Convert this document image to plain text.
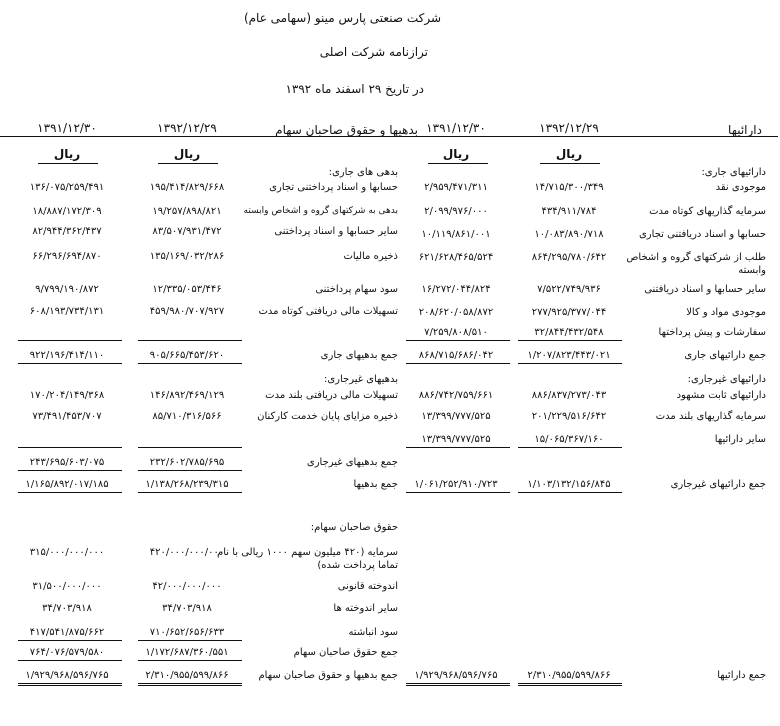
شرکت صنعتی پارس مینو (سهامی عام)
ترازنامه شرکت اصلی
در تاریخ ۲۹ اسفند ماه ۱۳۹۲
دارائیها
۱۳۹۲/۱۲/۲۹
۱۳۹۱/۱۲/۳۰
بدهیها و حقوق صاحبان سهام
۱۳۹۲/۱۲/۲۹
۱۳۹۱/۱۲/۳۰
ریال
ریال
ریال
ریال
دارائیهای جاری:
موجودی نقد
۱۴/۷۱۵/۳۰۰/۳۴۹
۲/۹۵۹/۴۷۱/۳۱۱
سرمایه گذاریهای کوتاه مدت
۴۳۴/۹۱۱/۷۸۴
۲/۰۹۹/۹۷۶/۰۰۰
حسابها و اسناد دریافتنی تجاری
۱۰/۰۸۳/۸۹۰/۷۱۸
۱۰/۱۱۹/۸۶۱/۰۰۱
طلب از شرکتهای گروه و اشخاص
وابسته
۸۶۴/۲۹۵/۷۸۰/۶۴۲
۶۲۱/۶۲۸/۴۶۵/۵۲۴
سایر حسابها و اسناد دریافتنی
۷/۵۲۲/۷۴۹/۹۳۶
۱۶/۲۷۲/۰۴۴/۸۲۴
موجودی مواد و کالا
۲۷۷/۹۲۵/۳۷۷/۰۴۴
۲۰۸/۶۲۰/۰۵۸/۸۷۲
سفارشات و پیش پرداختها
۳۲/۸۴۴/۴۳۲/۵۴۸
۷/۲۵۹/۸۰۸/۵۱۰
جمع دارائیهای جاری
۱/۲۰۷/۸۲۳/۴۴۳/۰۲۱
۸۶۸/۷۱۵/۶۸۶/۰۴۲
دارائیهای غیرجاری:
دارائیهای ثابت مشهود
۸۸۶/۸۳۷/۲۷۳/۰۴۳
۸۸۶/۷۴۲/۷۵۹/۶۶۱
سرمایه گذاریهای بلند مدت
۲۰۱/۲۲۹/۵۱۶/۶۴۲
۱۳/۳۹۹/۷۷۷/۵۲۵
سایر دارائیها
۱۵/۰۶۵/۳۶۷/۱۶۰
۱۳/۳۹۹/۷۷۷/۵۲۵
جمع دارائیهای غیرجاری
۱/۱۰۳/۱۳۲/۱۵۶/۸۴۵
۱/۰۶۱/۲۵۲/۹۱۰/۷۲۳
جمع دارائیها
۲/۳۱۰/۹۵۵/۵۹۹/۸۶۶
۱/۹۲۹/۹۶۸/۵۹۶/۷۶۵
بدهی های جاری:
حسابها و اسناد پرداختنی تجاری
۱۹۵/۴۱۴/۸۲۹/۶۶۸
۱۳۶/۰۷۵/۲۵۹/۴۹۱
بدهی به شرکتهای گروه و اشخاص وابسته
۱۹/۲۵۷/۸۹۸/۸۲۱
۱۸/۸۸۷/۱۷۲/۳۰۹
سایر حسابها و اسناد پرداختنی
۸۳/۵۰۷/۹۳۱/۴۷۲
۸۲/۹۴۴/۳۶۲/۴۳۷
ذخیره مالیات
۱۳۵/۱۶۹/۰۳۲/۲۸۶
۶۶/۲۹۶/۶۹۴/۸۷۰
سود سهام پرداختنی
۱۲/۳۳۵/۰۵۳/۴۴۶
۹/۷۹۹/۱۹۰/۸۷۲
تسهیلات مالی دریافتی کوتاه مدت
۴۵۹/۹۸۰/۷۰۷/۹۲۷
۶۰۸/۱۹۳/۷۳۴/۱۳۱
جمع بدهیهای جاری
۹۰۵/۶۶۵/۴۵۳/۶۲۰
۹۲۲/۱۹۶/۴۱۴/۱۱۰
بدهیهای غیرجاری:
تسهیلات مالی دریافتی بلند مدت
۱۴۶/۸۹۲/۴۶۹/۱۲۹
۱۷۰/۲۰۴/۱۴۹/۳۶۸
ذخیره مزایای پایان خدمت کارکنان
۸۵/۷۱۰/۳۱۶/۵۶۶
۷۳/۴۹۱/۴۵۳/۷۰۷
جمع بدهیهای غیرجاری
۲۳۲/۶۰۲/۷۸۵/۶۹۵
۲۴۳/۶۹۵/۶۰۳/۰۷۵
جمع بدهیها
۱/۱۳۸/۲۶۸/۲۳۹/۳۱۵
۱/۱۶۵/۸۹۲/۰۱۷/۱۸۵
حقوق صاحبان سهام:
سرمایه (۴۲۰ میلیون سهم ۱۰۰۰ ریالی با نام
تماما پرداخت شده)
۴۲۰/۰۰۰/۰۰۰/۰۰۰
۳۱۵/۰۰۰/۰۰۰/۰۰۰
اندوخته قانونی
۴۲/۰۰۰/۰۰۰/۰۰۰
۳۱/۵۰۰/۰۰۰/۰۰۰
سایر اندوخته ها
۳۴/۷۰۳/۹۱۸
۳۴/۷۰۳/۹۱۸
سود انباشته
۷۱۰/۶۵۲/۶۵۶/۶۳۳
۴۱۷/۵۴۱/۸۷۵/۶۶۲
جمع حقوق صاحبان سهام
۱/۱۷۲/۶۸۷/۳۶۰/۵۵۱
۷۶۴/۰۷۶/۵۷۹/۵۸۰
جمع بدهیها و حقوق صاحبان سهام
۲/۳۱۰/۹۵۵/۵۹۹/۸۶۶
۱/۹۲۹/۹۶۸/۵۹۶/۷۶۵
